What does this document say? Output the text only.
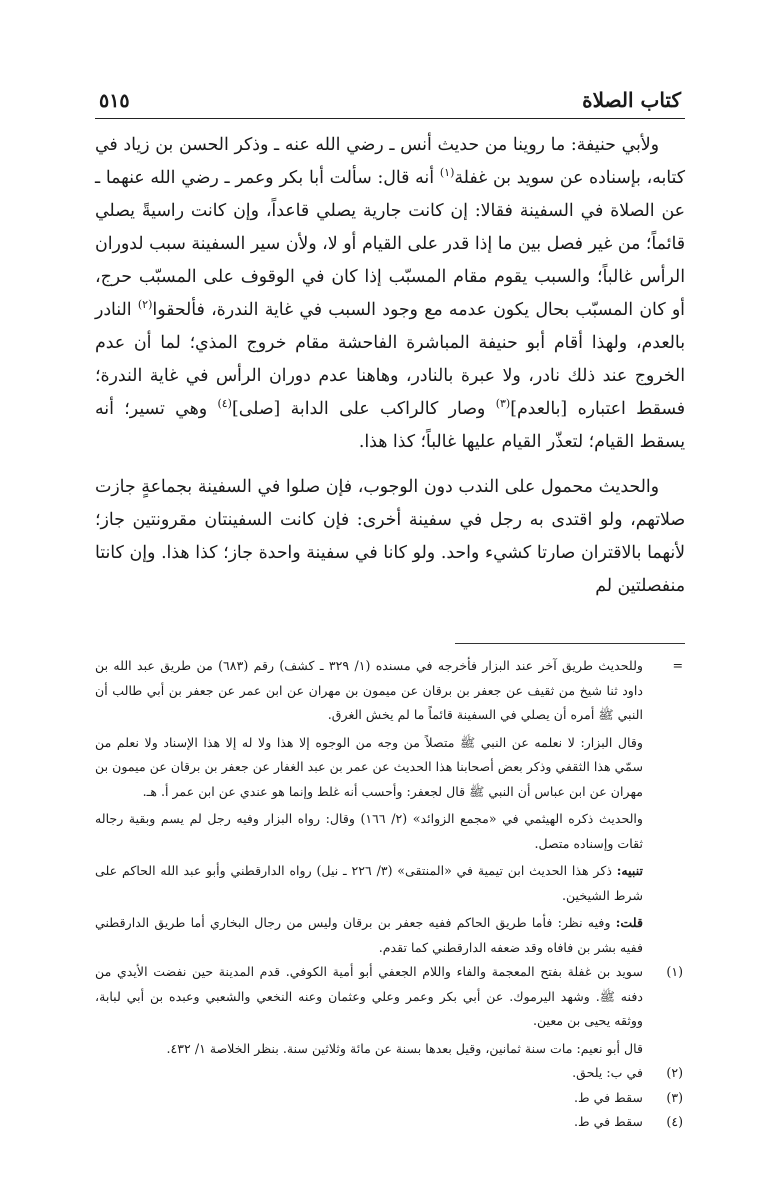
كتاب الصلاة
٥١٥

ولأبي حنيفة: ما روينا من حديث أنس ـ رضي الله عنه ـ وذكر الحسن بن زياد في كتابه، بإسناده عن سويد بن غفلة$^{(١)}$ أنه قال: سألت أبا بكر وعمر ـ رضي الله عنهما ـ عن الصلاة في السفينة فقالا: إن كانت جارية يصلي قاعداً، وإن كانت راسيةً يصلي قائماً؛ من غير فصل بين ما إذا قدر على القيام أو لا، ولأن سير السفينة سبب لدوران الرأس غالباً؛ والسبب يقوم مقام المسبّب إذا كان في الوقوف على المسبّب حرج، أو كان المسبّب بحال يكون عدمه مع وجود السبب في غاية الندرة، فألحقوا$^{(٢)}$ النادر بالعدم، ولهذا أقام أبو حنيفة المباشرة الفاحشة مقام خروج المذي؛ لما أن عدم الخروج عند ذلك نادر، ولا عبرة بالنادر، وهاهنا عدم دوران الرأس في غاية الندرة؛ فسقط اعتباره [بالعدم]$^{(٣)}$ وصار كالراكب على الدابة [صلى]$^{(٤)}$ وهي تسير؛ أنه يسقط القيام؛ لتعذّر القيام عليها غالباً؛ كذا هذا.

والحديث محمول على الندب دون الوجوب، فإن صلوا في السفينة بجماعةٍ جازت صلاتهم، ولو اقتدى به رجل في سفينة أخرى: فإن كانت السفينتان مقرونتين جاز؛ لأنهما بالاقتران صارتا كشيء واحد. ولو كانا في سفينة واحدة جاز؛ كذا هذا. وإن كانتا منفصلتين لم

=

وللحديث طريق آخر عند البزار فأخرجه في مسنده (١/ ٣٢٩ ـ كشف) رقم (٦٨٣) من طريق عبد الله بن داود ثنا شيخ من ثقيف عن جعفر بن برقان عن ميمون بن مهران عن ابن عمر عن جعفر بن أبي طالب أن النبي ﷺ أمره أن يصلي في السفينة قائماً ما لم يخش الغرق.

وقال البزار: لا نعلمه عن النبي ﷺ متصلاً من وجه من الوجوه إلا هذا ولا له إلا هذا الإسناد ولا نعلم من سمّي هذا الثقفي وذكر بعض أصحابنا هذا الحديث عن عمر بن عبد الغفار عن جعفر بن برقان عن ميمون بن مهران عن ابن عباس أن النبي ﷺ قال لجعفر: وأحسب أنه غلط وإنما هو عندي عن ابن عمر أ. هـ.

والحديث ذكره الهيثمي في «مجمع الزوائد» (٢/ ١٦٦) وقال: رواه البزار وفيه رجل لم يسم وبقية رجاله ثقات وإسناده متصل.

تنبيه: ذكر هذا الحديث ابن تيمية في «المنتقى» (٣/ ٢٢٦ ـ نيل) رواه الدارقطني وأبو عبد الله الحاكم على شرط الشيخين.

قلت: وفيه نظر: فأما طريق الحاكم ففيه جعفر بن برقان وليس من رجال البخاري أما طريق الدارقطني ففيه بشر بن فافاه وقد ضعفه الدارقطني كما تقدم.

(١)

سويد بن غفلة بفتح المعجمة والفاء واللام الجعفي أبو أمية الكوفي. قدم المدينة حين نفضت الأيدي من دفنه ﷺ. وشهد اليرموك. عن أبي بكر وعمر وعلي وعثمان وعنه النخعي والشعبي وعبده بن أبي لبابة، ووثقه يحيى بن معين.

قال أبو نعيم: مات سنة ثمانين، وقيل بعدها بسنة عن مائة وثلاثين سنة. بنظر الخلاصة ١/ ٤٣٢.

(٢)
في ب: يلحق.
(٣)
سقط في ط.
(٤)
سقط في ط.
